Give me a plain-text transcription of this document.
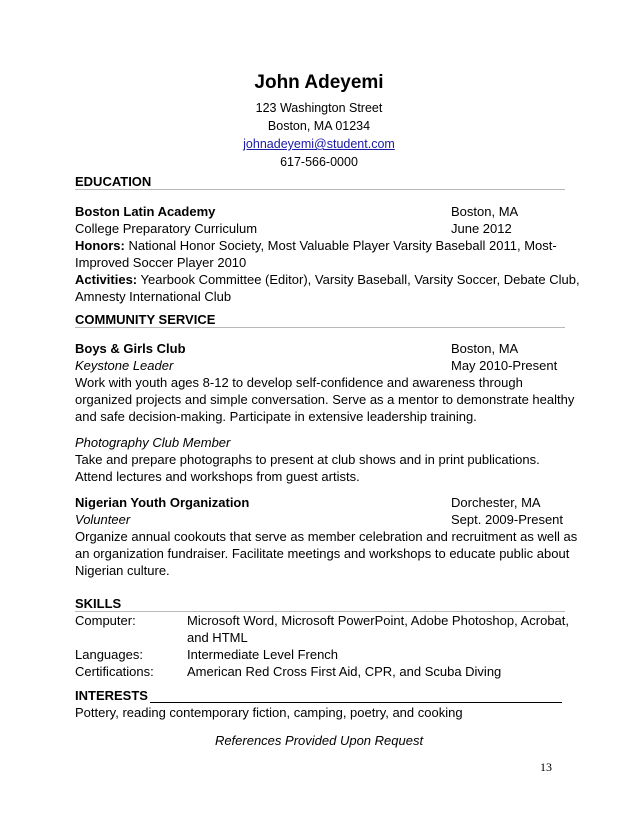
John Adeyemi
123 Washington Street
Boston, MA 01234
johnadeyemi@student.com
617-566-0000
EDUCATION
Boston Latin Academy	Boston, MA
College Preparatory Curriculum	June 2012
Honors: National Honor Society, Most Valuable Player Varsity Baseball 2011, Most-
Improved Soccer Player 2010
Activities: Yearbook Committee (Editor), Varsity Baseball, Varsity Soccer, Debate Club,
Amnesty International Club
COMMUNITY SERVICE
Boys & Girls Club	Boston, MA
Keystone Leader	May 2010-Present
Work with youth ages 8-12 to develop self-confidence and awareness through
organized projects and simple conversation. Serve as a mentor to demonstrate healthy
and safe decision-making. Participate in extensive leadership training.
Photography Club Member
Take and prepare photographs to present at club shows and in print publications.
Attend lectures and workshops from guest artists.
Nigerian Youth Organization	Dorchester, MA
Volunteer	Sept. 2009-Present
Organize annual cookouts that serve as member celebration and recruitment as well as
an organization fundraiser. Facilitate meetings and workshops to educate public about
Nigerian culture.
SKILLS
Computer:	Microsoft Word, Microsoft PowerPoint, Adobe Photoshop, Acrobat,
and HTML
Languages:	Intermediate Level French
Certifications:	American Red Cross First Aid, CPR, and Scuba Diving
INTERESTS
Pottery, reading contemporary fiction, camping, poetry, and cooking
References Provided Upon Request
13
